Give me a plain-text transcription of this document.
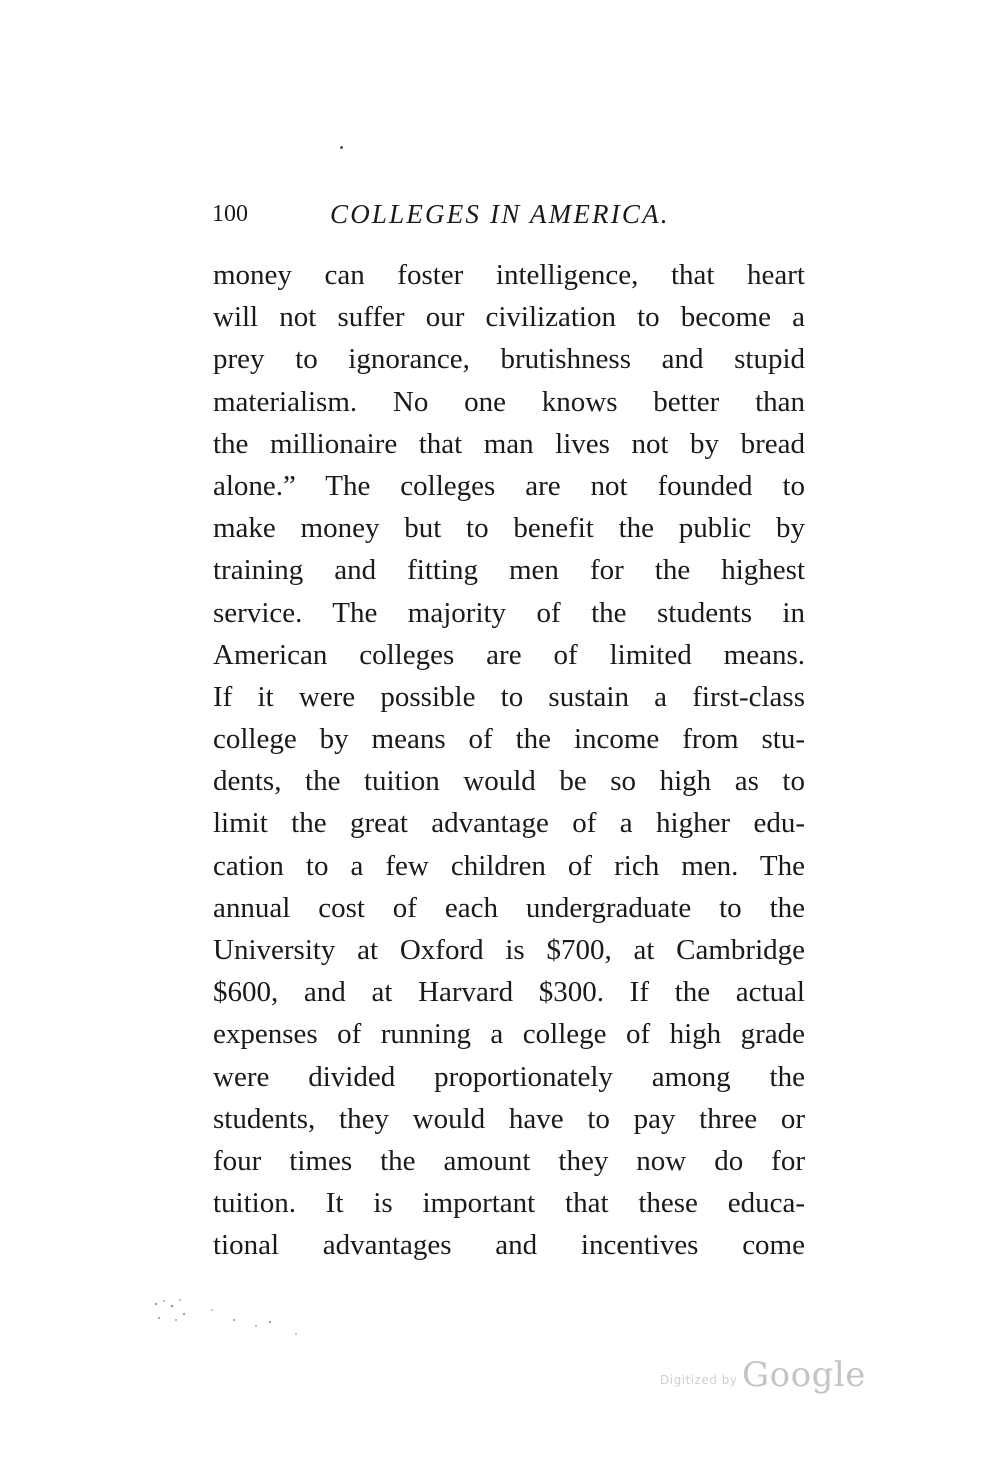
100	COLLEGES IN AMERICA.
money can foster intelligence, that heart
will not suffer our civilization to become a
prey to ignorance, brutishness and stupid
materialism. No one knows better than
the millionaire that man lives not by bread
alone.” The colleges are not founded to
make money but to benefit the public by
training and fitting men for the highest
service. The majority of the students in
American colleges are of limited means.
If it were possible to sustain a first-class
college by means of the income from stu-
dents, the tuition would be so high as to
limit the great advantage of a higher edu-
cation to a few children of rich men. The
annual cost of each undergraduate to the
University at Oxford is $700, at Cambridge
$600, and at Harvard $300. If the actual
expenses of running a college of high grade
were divided proportionately among the
students, they would have to pay three or
four times the amount they now do for
tuition. It is important that these educa-
tional advantages and incentives come
Digitized by Google
